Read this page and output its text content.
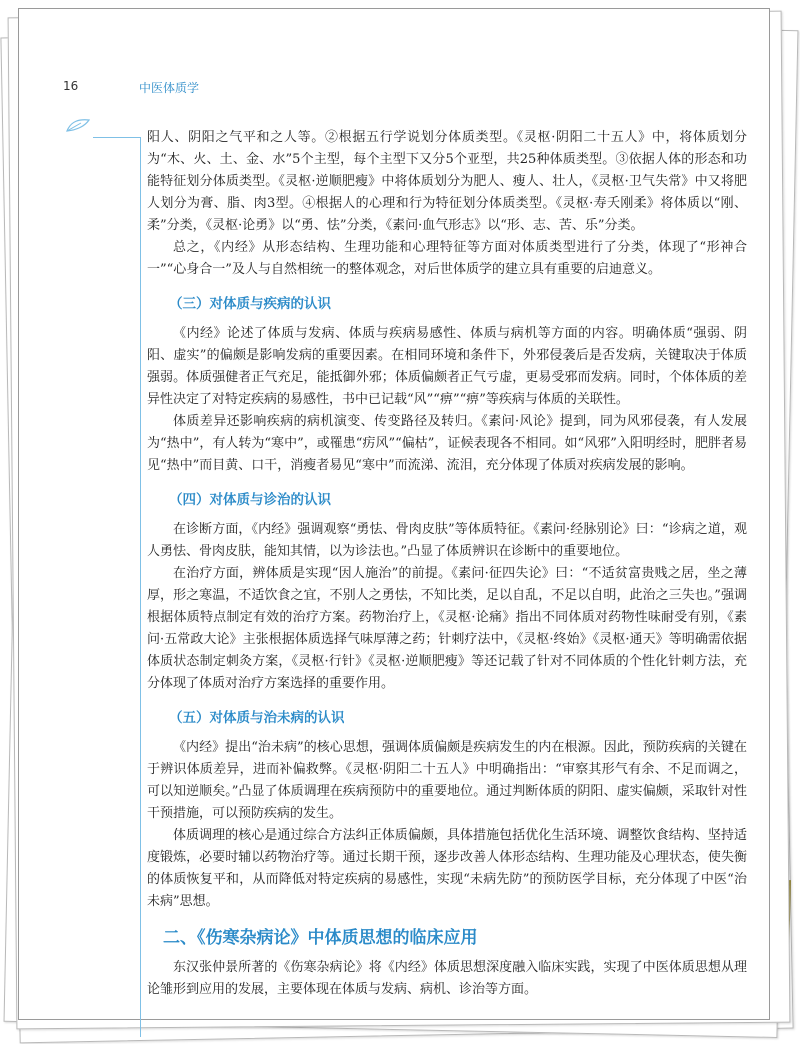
16	中医体质学

阳人、阴阳之气平和之人等。②根据五行学说划分体质类型。《灵枢·阴阳二十五人》中，将体质划分为“木、火、土、金、水”5个主型，每个主型下又分5个亚型，共25种体质类型。③依据人体的形态和功能特征划分体质类型。《灵枢·逆顺肥瘦》中将体质划分为肥人、瘦人、壮人，《灵枢·卫气失常》中又将肥人划分为膏、脂、肉3型。④根据人的心理和行为特征划分体质类型。《灵枢·寿夭刚柔》将体质以“刚、柔”分类，《灵枢·论勇》以“勇、怯”分类，《素问·血气形志》以“形、志、苦、乐”分类。

总之，《内经》从形态结构、生理功能和心理特征等方面对体质类型进行了分类，体现了“形神合一”“心身合一”及人与自然相统一的整体观念，对后世体质学的建立具有重要的启迪意义。

（三）对体质与疾病的认识

《内经》论述了体质与发病、体质与疾病易感性、体质与病机等方面的内容。明确体质“强弱、阴阳、虚实”的偏颇是影响发病的重要因素。在相同环境和条件下，外邪侵袭后是否发病，关键取决于体质强弱。体质强健者正气充足，能抵御外邪；体质偏颇者正气亏虚，更易受邪而发病。同时，个体体质的差异性决定了对特定疾病的易感性，书中已记载“风”“痹”“痹”等疾病与体质的关联性。

体质差异还影响疾病的病机演变、传变路径及转归。《素问·风论》提到，同为风邪侵袭，有人发展为“热中”，有人转为“寒中”，或罹患“疠风”“偏枯”，证候表现各不相同。如“风邪”入阳明经时，肥胖者易见“热中”而目黄、口干，消瘦者易见“寒中”而流涕、流泪，充分体现了体质对疾病发展的影响。

（四）对体质与诊治的认识

在诊断方面，《内经》强调观察“勇怯、骨肉皮肤”等体质特征。《素问·经脉别论》曰：“诊病之道，观人勇怯、骨肉皮肤，能知其情，以为诊法也。”凸显了体质辨识在诊断中的重要地位。

在治疗方面，辨体质是实现“因人施治”的前提。《素问·征四失论》曰：“不适贫富贵贱之居，坐之薄厚，形之寒温，不适饮食之宜，不别人之勇怯，不知比类，足以自乱，不足以自明，此治之三失也。”强调根据体质特点制定有效的治疗方案。药物治疗上，《灵枢·论痛》指出不同体质对药物性味耐受有别，《素问·五常政大论》主张根据体质选择气味厚薄之药；针刺疗法中，《灵枢·终始》《灵枢·通天》等明确需依据体质状态制定刺灸方案，《灵枢·行针》《灵枢·逆顺肥瘦》等还记载了针对不同体质的个性化针刺方法，充分体现了体质对治疗方案选择的重要作用。

（五）对体质与治未病的认识

《内经》提出“治未病”的核心思想，强调体质偏颇是疾病发生的内在根源。因此，预防疾病的关键在于辨识体质差异，进而补偏救弊。《灵枢·阴阳二十五人》中明确指出：“审察其形气有余、不足而调之，可以知逆顺矣。”凸显了体质调理在疾病预防中的重要地位。通过判断体质的阴阳、虚实偏颇，采取针对性干预措施，可以预防疾病的发生。

体质调理的核心是通过综合方法纠正体质偏颇，具体措施包括优化生活环境、调整饮食结构、坚持适度锻炼，必要时辅以药物治疗等。通过长期干预，逐步改善人体形态结构、生理功能及心理状态，使失衡的体质恢复平和，从而降低对特定疾病的易感性，实现“未病先防”的预防医学目标，充分体现了中医“治未病”思想。

二、《伤寒杂病论》中体质思想的临床应用

东汉张仲景所著的《伤寒杂病论》将《内经》体质思想深度融入临床实践，实现了中医体质思想从理论雏形到应用的发展，主要体现在体质与发病、病机、诊治等方面。
